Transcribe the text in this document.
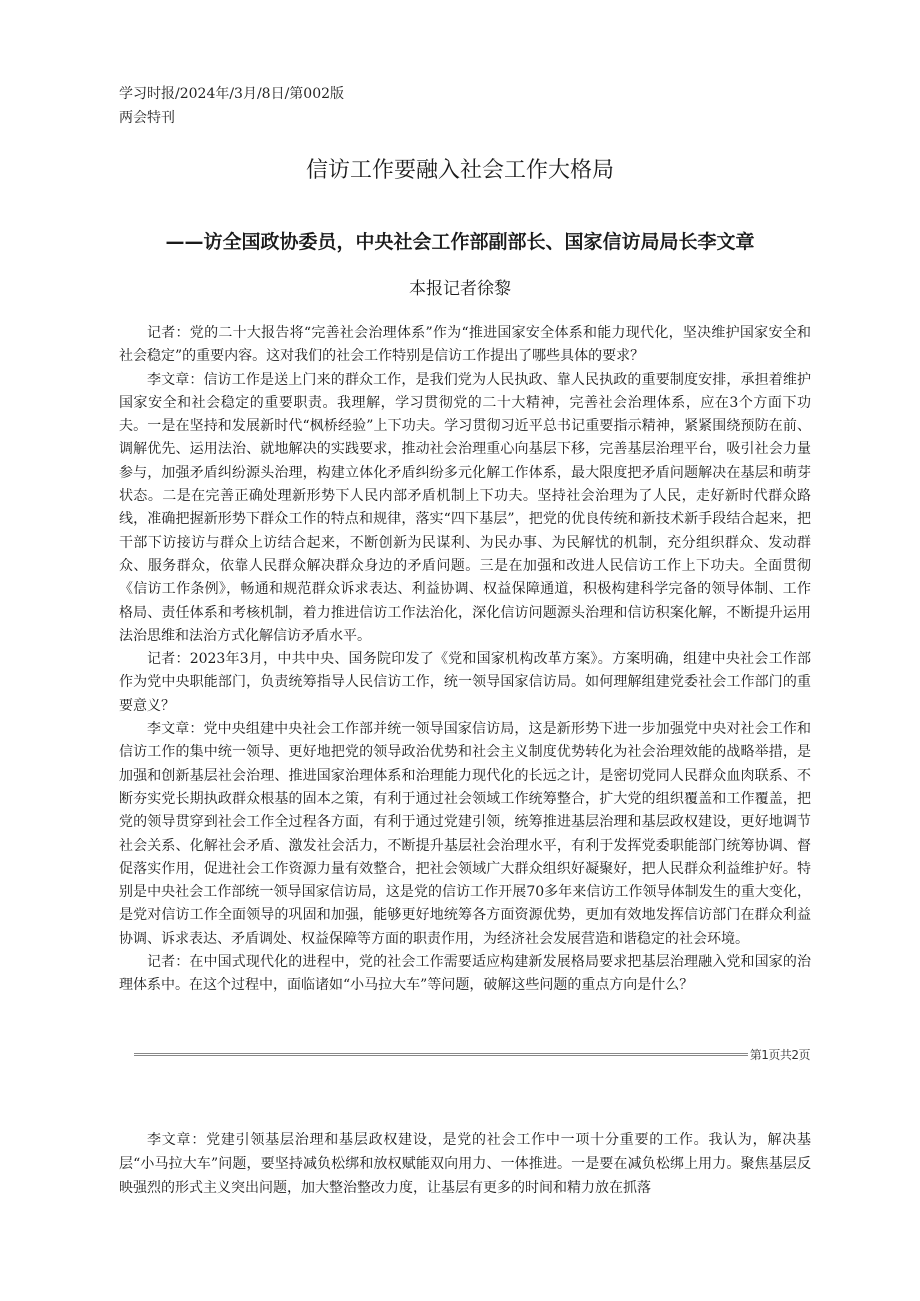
学习时报/2024年/3月/8日/第002版
两会特刊
信访工作要融入社会工作大格局
——访全国政协委员，中央社会工作部副部长、国家信访局局长李文章
本报记者徐黎

记者：党的二十大报告将“完善社会治理体系”作为“推进国家安全体系和能力现代化，坚决维护国家安全和社会稳定”的重要内容。这对我们的社会工作特别是信访工作提出了哪些具体的要求？

李文章：信访工作是送上门来的群众工作，是我们党为人民执政、靠人民执政的重要制度安排，承担着维护国家安全和社会稳定的重要职责。我理解，学习贯彻党的二十大精神，完善社会治理体系，应在3个方面下功夫。一是在坚持和发展新时代“枫桥经验”上下功夫。学习贯彻习近平总书记重要指示精神，紧紧围绕预防在前、调解优先、运用法治、就地解决的实践要求，推动社会治理重心向基层下移，完善基层治理平台，吸引社会力量参与，加强矛盾纠纷源头治理，构建立体化矛盾纠纷多元化解工作体系，最大限度把矛盾问题解决在基层和萌芽状态。二是在完善正确处理新形势下人民内部矛盾机制上下功夫。坚持社会治理为了人民，走好新时代群众路线，准确把握新形势下群众工作的特点和规律，落实“四下基层”，把党的优良传统和新技术新手段结合起来，把干部下访接访与群众上访结合起来，不断创新为民谋利、为民办事、为民解忧的机制，充分组织群众、发动群众、服务群众，依靠人民群众解决群众身边的矛盾问题。三是在加强和改进人民信访工作上下功夫。全面贯彻《信访工作条例》，畅通和规范群众诉求表达、利益协调、权益保障通道，积极构建科学完备的领导体制、工作格局、责任体系和考核机制，着力推进信访工作法治化，深化信访问题源头治理和信访积案化解，不断提升运用法治思维和法治方式化解信访矛盾水平。

记者：2023年3月，中共中央、国务院印发了《党和国家机构改革方案》。方案明确，组建中央社会工作部作为党中央职能部门，负责统筹指导人民信访工作，统一领导国家信访局。如何理解组建党委社会工作部门的重要意义？

李文章：党中央组建中央社会工作部并统一领导国家信访局，这是新形势下进一步加强党中央对社会工作和信访工作的集中统一领导、更好地把党的领导政治优势和社会主义制度优势转化为社会治理效能的战略举措，是加强和创新基层社会治理、推进国家治理体系和治理能力现代化的长远之计，是密切党同人民群众血肉联系、不断夯实党长期执政群众根基的固本之策，有利于通过社会领域工作统筹整合，扩大党的组织覆盖和工作覆盖，把党的领导贯穿到社会工作全过程各方面，有利于通过党建引领，统筹推进基层治理和基层政权建设，更好地调节社会关系、化解社会矛盾、激发社会活力，不断提升基层社会治理水平，有利于发挥党委职能部门统筹协调、督促落实作用，促进社会工作资源力量有效整合，把社会领域广大群众组织好凝聚好，把人民群众利益维护好。特别是中央社会工作部统一领导国家信访局，这是党的信访工作开展70多年来信访工作领导体制发生的重大变化，是党对信访工作全面领导的巩固和加强，能够更好地统筹各方面资源优势，更加有效地发挥信访部门在群众利益协调、诉求表达、矛盾调处、权益保障等方面的职责作用，为经济社会发展营造和谐稳定的社会环境。

记者：在中国式现代化的进程中，党的社会工作需要适应构建新发展格局要求把基层治理融入党和国家的治理体系中。在这个过程中，面临诸如“小马拉大车”等问题，破解这些问题的重点方向是什么？

第1页共2页

李文章：党建引领基层治理和基层政权建设，是党的社会工作中一项十分重要的工作。我认为，解决基层“小马拉大车”问题，要坚持减负松绑和放权赋能双向用力、一体推进。一是要在减负松绑上用力。聚焦基层反映强烈的形式主义突出问题，加大整治整改力度，让基层有更多的时间和精力放在抓落
